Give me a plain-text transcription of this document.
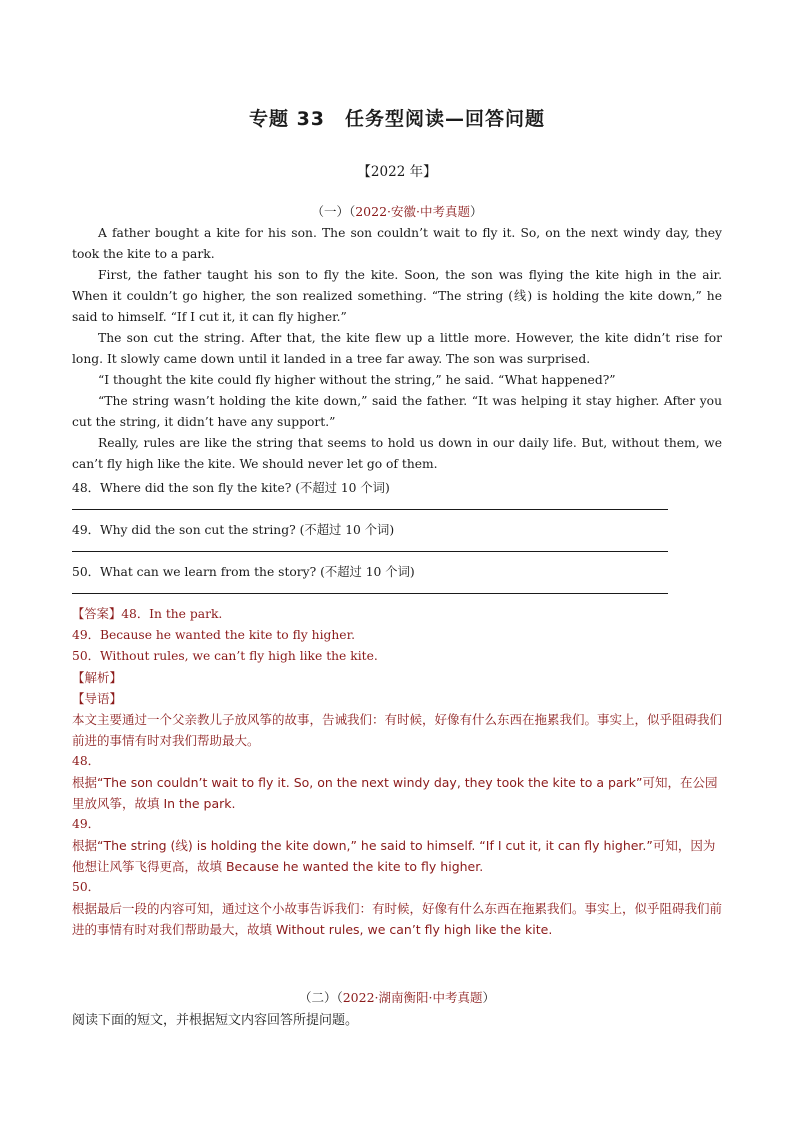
专题 33　任务型阅读—回答问题
【2022 年】
（一）（2022·安徽·中考真题）

A father bought a kite for his son. The son couldn’t wait to fly it. So, on the next windy day, they took the kite to a park.

First, the father taught his son to fly the kite. Soon, the son was flying the kite high in the air. When it couldn’t go higher, the son realized something. “The string (线) is holding the kite down,” he said to himself. “If I cut it, it can fly higher.”

The son cut the string. After that, the kite flew up a little more. However, the kite didn’t rise for long. It slowly came down until it landed in a tree far away. The son was surprised.

“I thought the kite could fly higher without the string,” he said. “What happened?”

“The string wasn’t holding the kite down,” said the father. “It was helping it stay higher. After you cut the string, it didn’t have any support.”

Really, rules are like the string that seems to hold us down in our daily life. But, without them, we can’t fly high like the kite. We should never let go of them.

48．Where did the son fly the kite? (不超过 10 个词)
49．Why did the son cut the string? (不超过 10 个词)
50．What can we learn from the story? (不超过 10 个词)
【答案】48．In the park.
49．Because he wanted the kite to fly higher.
50．Without rules, we can’t fly high like the kite.
【解析】
【导语】
本文主要通过一个父亲教儿子放风筝的故事，告诫我们：有时候，好像有什么东西在拖累我们。事实上，似乎阻碍我们前进的事情有时对我们帮助最大。
48．
根据“The son couldn’t wait to fly it. So, on the next windy day, they took the kite to a park”可知，在公园里放风筝，故填 In the park.
49．
根据“The string (线) is holding the kite down,” he said to himself. “If I cut it, it can fly higher.”可知，因为他想让风筝飞得更高，故填 Because he wanted the kite to fly higher.
50．
根据最后一段的内容可知，通过这个小故事告诉我们：有时候，好像有什么东西在拖累我们。事实上，似乎阻碍我们前进的事情有时对我们帮助最大，故填 Without rules, we can’t fly high like the kite.
（二）（2022·湖南衡阳·中考真题）
阅读下面的短文，并根据短文内容回答所提问题。
